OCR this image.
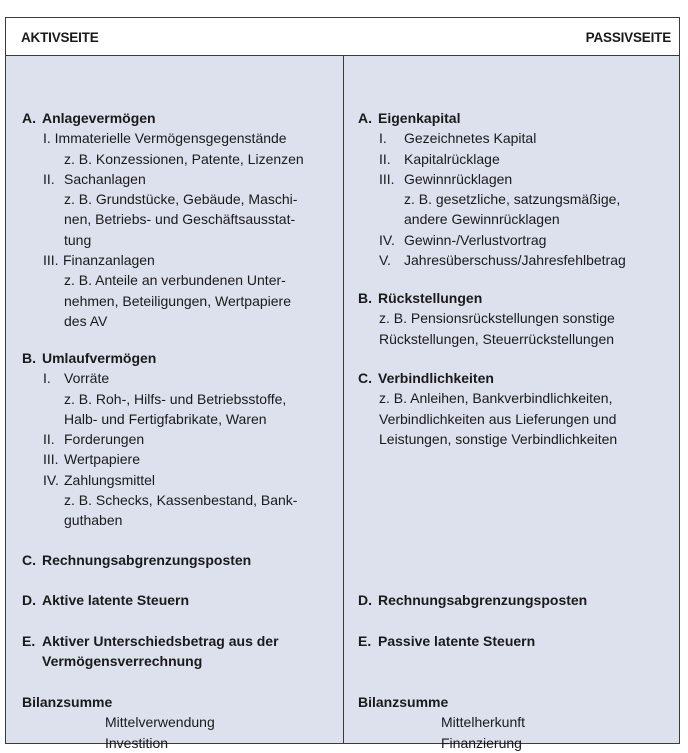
AKTIVSEITE	PASSIVSEITE
A. Anlagevermögen
I. Immaterielle Vermögensgegenstände
z. B. Konzessionen, Patente, Lizenzen
II. Sachanlagen
z. B. Grundstücke, Gebäude, Maschi-
nen, Betriebs- und Geschäftsausstat-
tung
III. Finanzanlagen
z. B. Anteile an verbundenen Unter-
nehmen, Beteiligungen, Wertpapiere
des AV
B. Umlaufvermögen
I. Vorräte
z. B. Roh-, Hilfs- und Betriebsstoffe,
Halb- und Fertigfabrikate, Waren
II. Forderungen
III. Wertpapiere
IV. Zahlungsmittel
z. B. Schecks, Kassenbestand, Bank-
guthaben
C. Rechnungsabgrenzungsposten
D. Aktive latente Steuern
E. Aktiver Unterschiedsbetrag aus der
Vermögensverrechnung
Bilanzsumme
Mittelverwendung
Investition
A. Eigenkapital
I.	Gezeichnetes Kapital
II. Kapitalrücklage
III. Gewinnrücklagen
z. B. gesetzliche, satzungsmäßige,
andere Gewinnrücklagen
IV. Gewinn-/Verlustvortrag
V. Jahresüberschuss/Jahresfehlbetrag
B. Rückstellungen
z. B. Pensionsrückstellungen sonstige
Rückstellungen, Steuerrückstellungen
C. Verbindlichkeiten
z. B. Anleihen, Bankverbindlichkeiten,
Verbindlichkeiten aus Lieferungen und
Leistungen, sonstige Verbindlichkeiten
D. Rechnungsabgrenzungsposten
E. Passive latente Steuern
Bilanzsumme
Mittelherkunft
Finanzierung
